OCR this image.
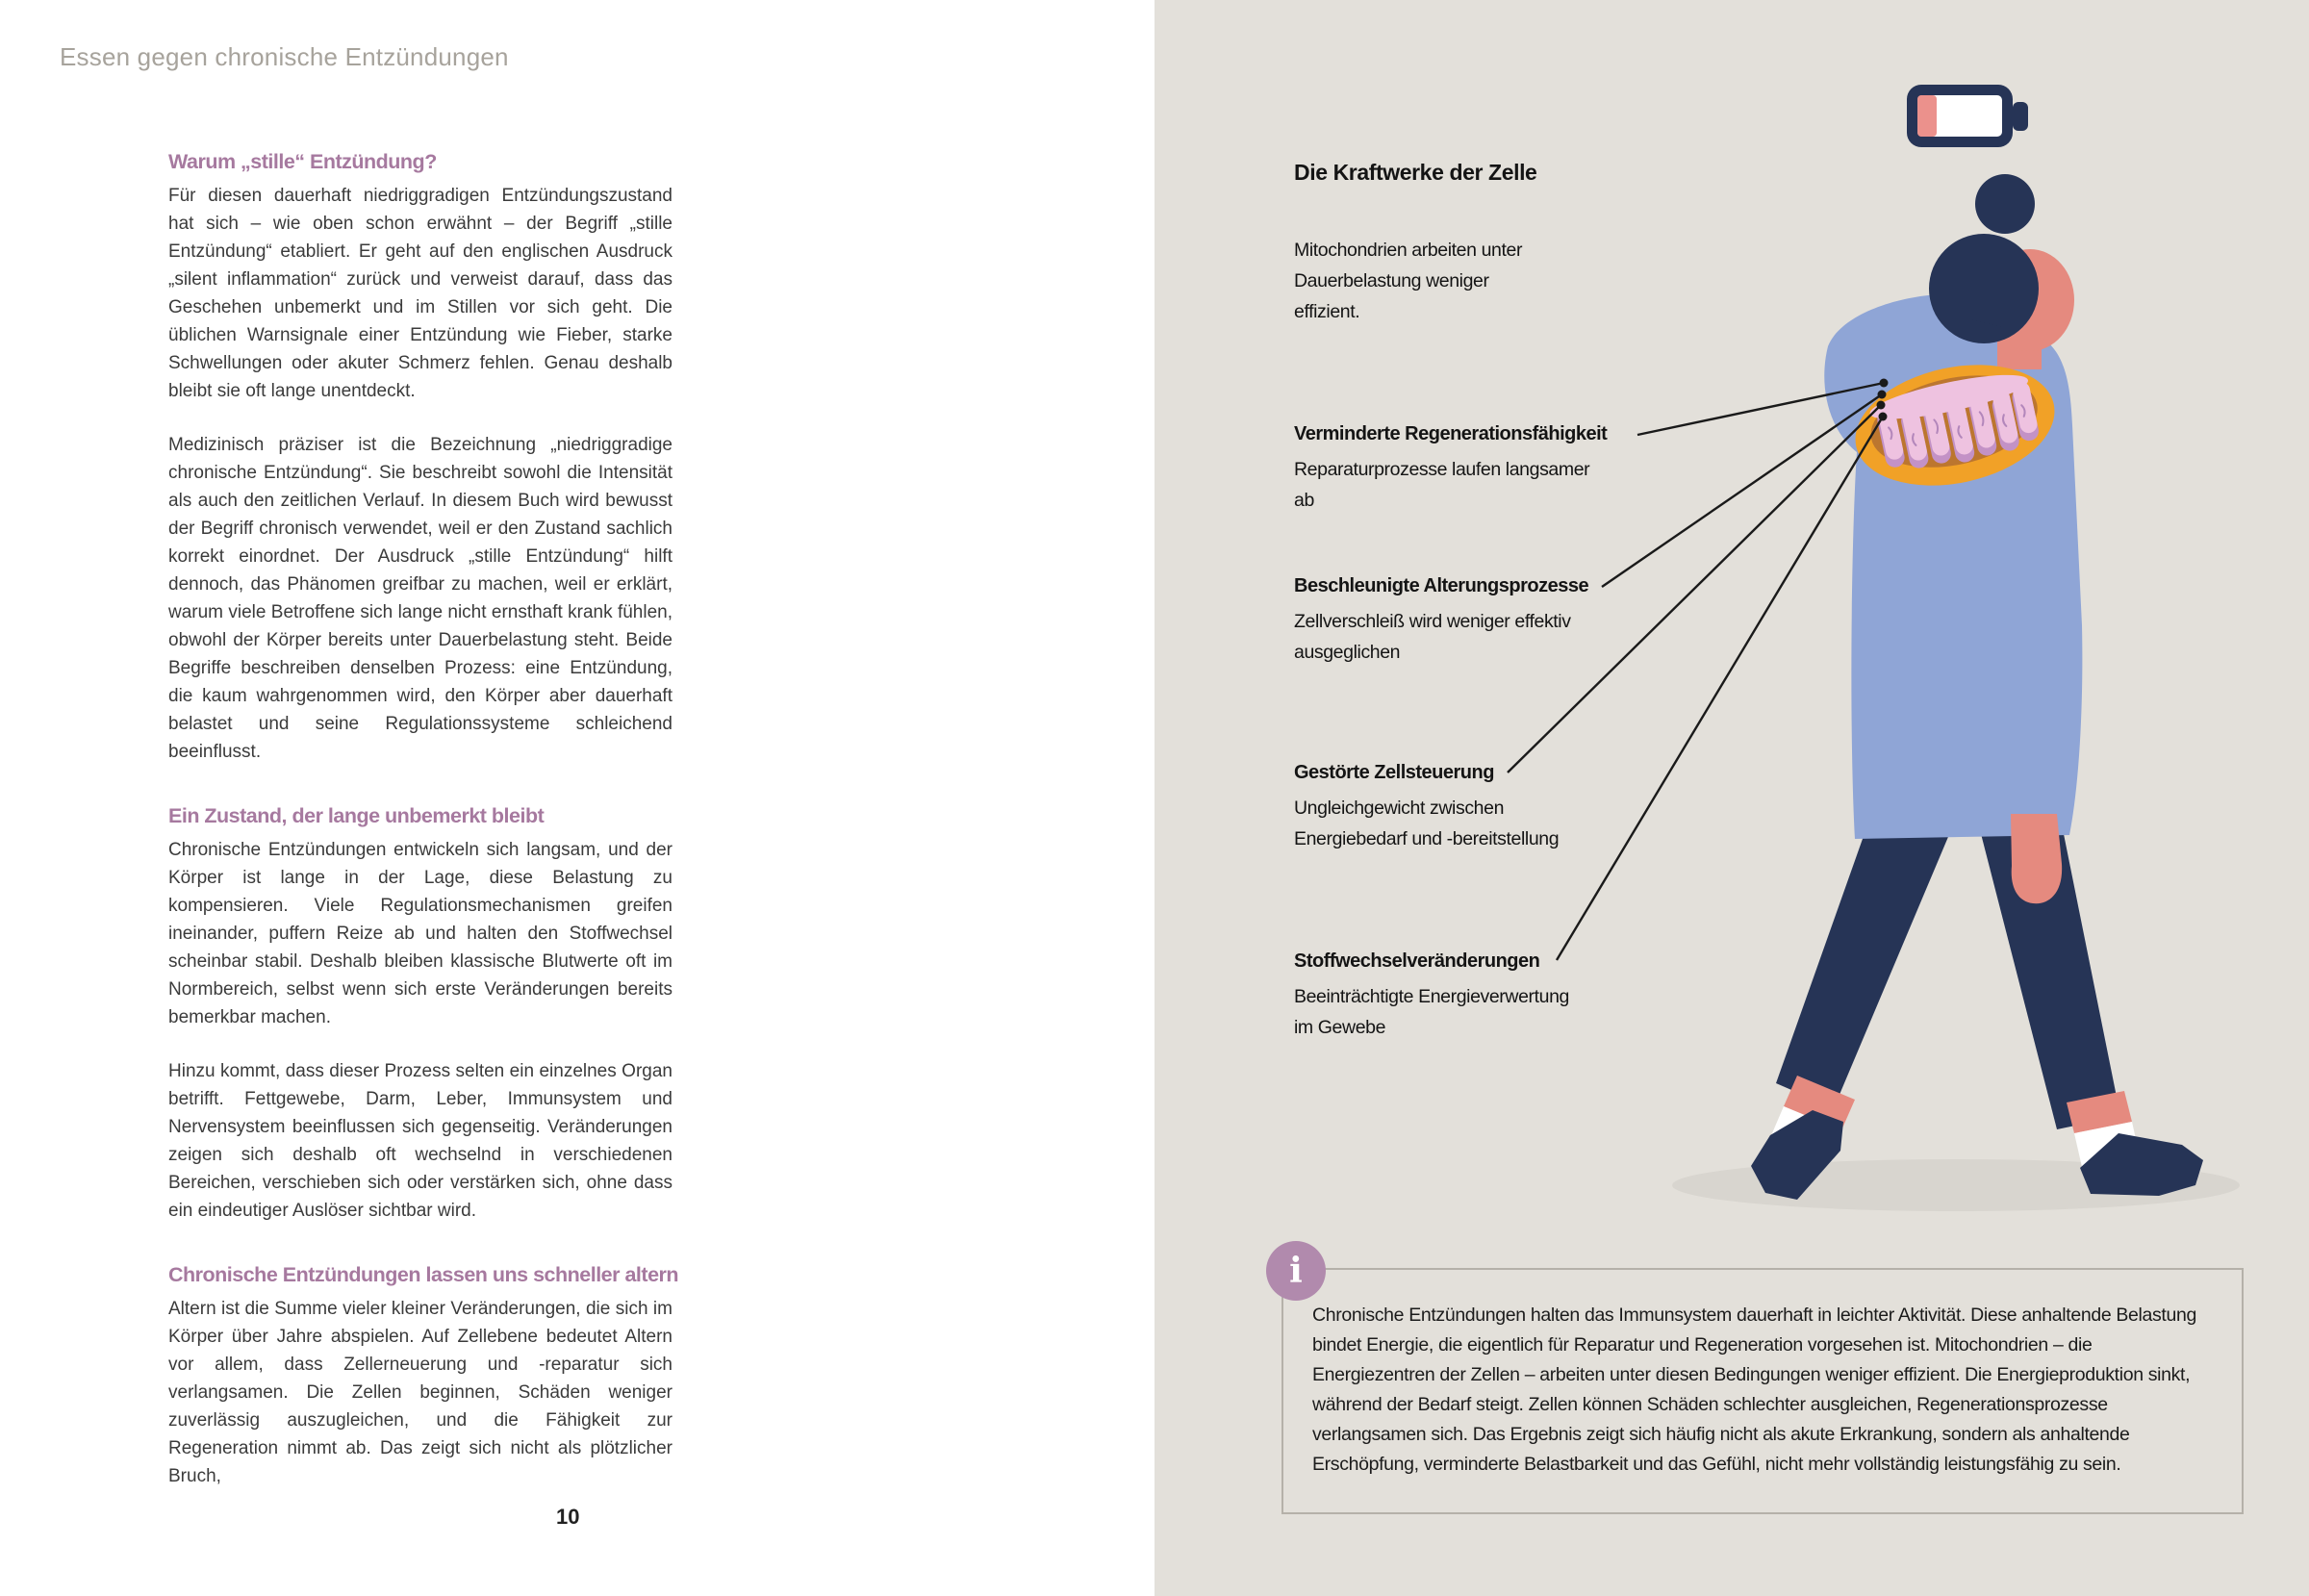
Essen gegen chronische Entzündungen
Warum „stille“ Entzündung?

Für diesen dauerhaft niedriggradigen Entzündungszustand hat sich – wie oben schon erwähnt – der Begriff „stille Entzündung“ etabliert. Er geht auf den englischen Ausdruck „silent inflammation“ zurück und verweist darauf, dass das Geschehen unbemerkt und im Stillen vor sich geht. Die üblichen Warnsignale einer Entzündung wie Fieber, starke Schwellungen oder akuter Schmerz fehlen. Genau deshalb bleibt sie oft lange unentdeckt.

Medizinisch präziser ist die Bezeichnung „niedriggradige chronische Entzündung“. Sie beschreibt sowohl die Intensität als auch den zeitlichen Verlauf. In diesem Buch wird bewusst der Begriff chronisch verwendet, weil er den Zustand sachlich korrekt einordnet. Der Ausdruck „stille Entzündung“ hilft dennoch, das Phänomen greifbar zu machen, weil er erklärt, warum viele Betroffene sich lange nicht ernsthaft krank fühlen, obwohl der Körper bereits unter Dauerbelastung steht. Beide Begriffe beschreiben denselben Prozess: eine Entzündung, die kaum wahrgenommen wird, den Körper aber dauerhaft belastet und seine Regulationssysteme schleichend beeinflusst.

Ein Zustand, der lange unbemerkt bleibt

Chronische Entzündungen entwickeln sich langsam, und der Körper ist lange in der Lage, diese Belastung zu kompensieren. Viele Regulationsmechanismen greifen ineinander, puffern Reize ab und halten den Stoffwechsel scheinbar stabil. Deshalb bleiben klassische Blutwerte oft im Normbereich, selbst wenn sich erste Veränderungen bereits bemerkbar machen.

Hinzu kommt, dass dieser Prozess selten ein einzelnes Organ betrifft. Fettgewebe, Darm, Leber, Immunsystem und Nervensystem beeinflussen sich gegenseitig. Veränderungen zeigen sich deshalb oft wechselnd in verschiedenen Bereichen, verschieben sich oder verstärken sich, ohne dass ein eindeutiger Auslöser sichtbar wird.

Chronische Entzündungen lassen uns schneller altern

Altern ist die Summe vieler kleiner Veränderungen, die sich im Körper über Jahre abspielen. Auf Zellebene bedeutet Altern vor allem, dass Zellerneuerung und -reparatur sich verlangsamen. Die Zellen beginnen, Schäden weniger zuverlässig auszugleichen, und die Fähigkeit zur Regeneration nimmt ab. Das zeigt sich nicht als plötzlicher Bruch,

10
Die Kraftwerke der Zelle
Mitochondrien arbeiten unter Dauerbelastung weniger effizient.
Verminderte Regenerationsfähigkeit
Reparaturprozesse laufen langsamer ab
Beschleunigte Alterungsprozesse
Zellverschleiß wird weniger effektiv ausgeglichen
Gestörte Zellsteuerung
Ungleichgewicht zwischen Energiebedarf und -bereitstellung
Stoffwechselveränderungen
Beeinträchtigte Energieverwertung im Gewebe
i
Chronische Entzündungen halten das Immunsystem dauerhaft in leichter Aktivität. Diese anhaltende Belastung bindet Energie, die eigentlich für Reparatur und Regeneration vorgesehen ist. Mitochondrien – die Energiezentren der Zellen – arbeiten unter diesen Bedingungen weniger effizient. Die Energieproduktion sinkt, während der Bedarf steigt. Zellen können Schäden schlechter ausgleichen, Regenerationsprozesse verlangsamen sich. Das Ergebnis zeigt sich häufig nicht als akute Erkrankung, sondern als anhaltende Erschöpfung, verminderte Belastbarkeit und das Gefühl, nicht mehr vollständig leistungsfähig zu sein.
